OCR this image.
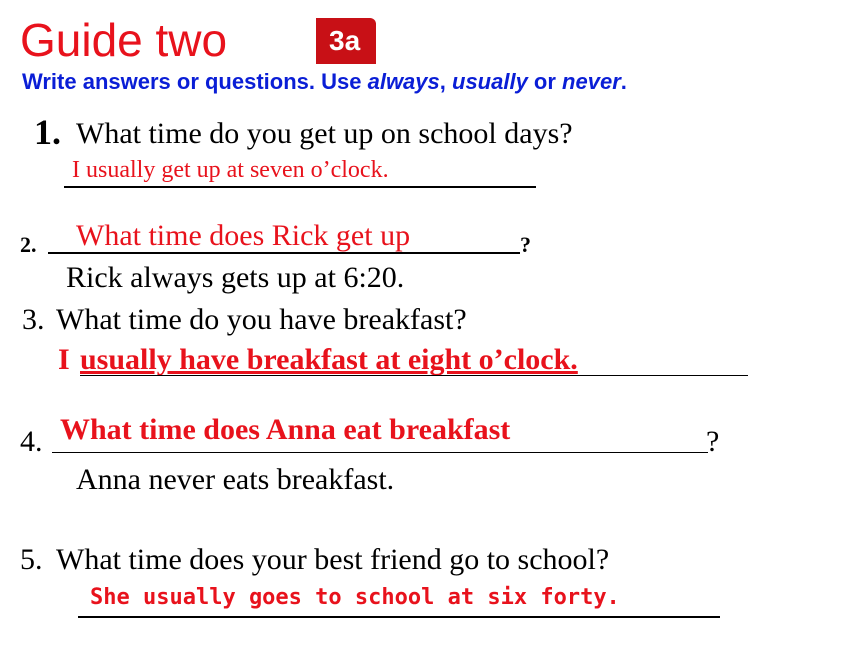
Guide two	3a
Write answers or questions. Use always, usually or never.
1. What time do you get up on school days?
I usually get up at seven o’clock.
2. What time does Rick get up	?
Rick always gets up at 6:20.
3. What time do you have breakfast?
I usually have breakfast at eight o’clock.
4. What time does Anna eat breakfast	?
Anna never eats breakfast.
5. What time does your best friend go to school?
She usually goes to school at six forty.
